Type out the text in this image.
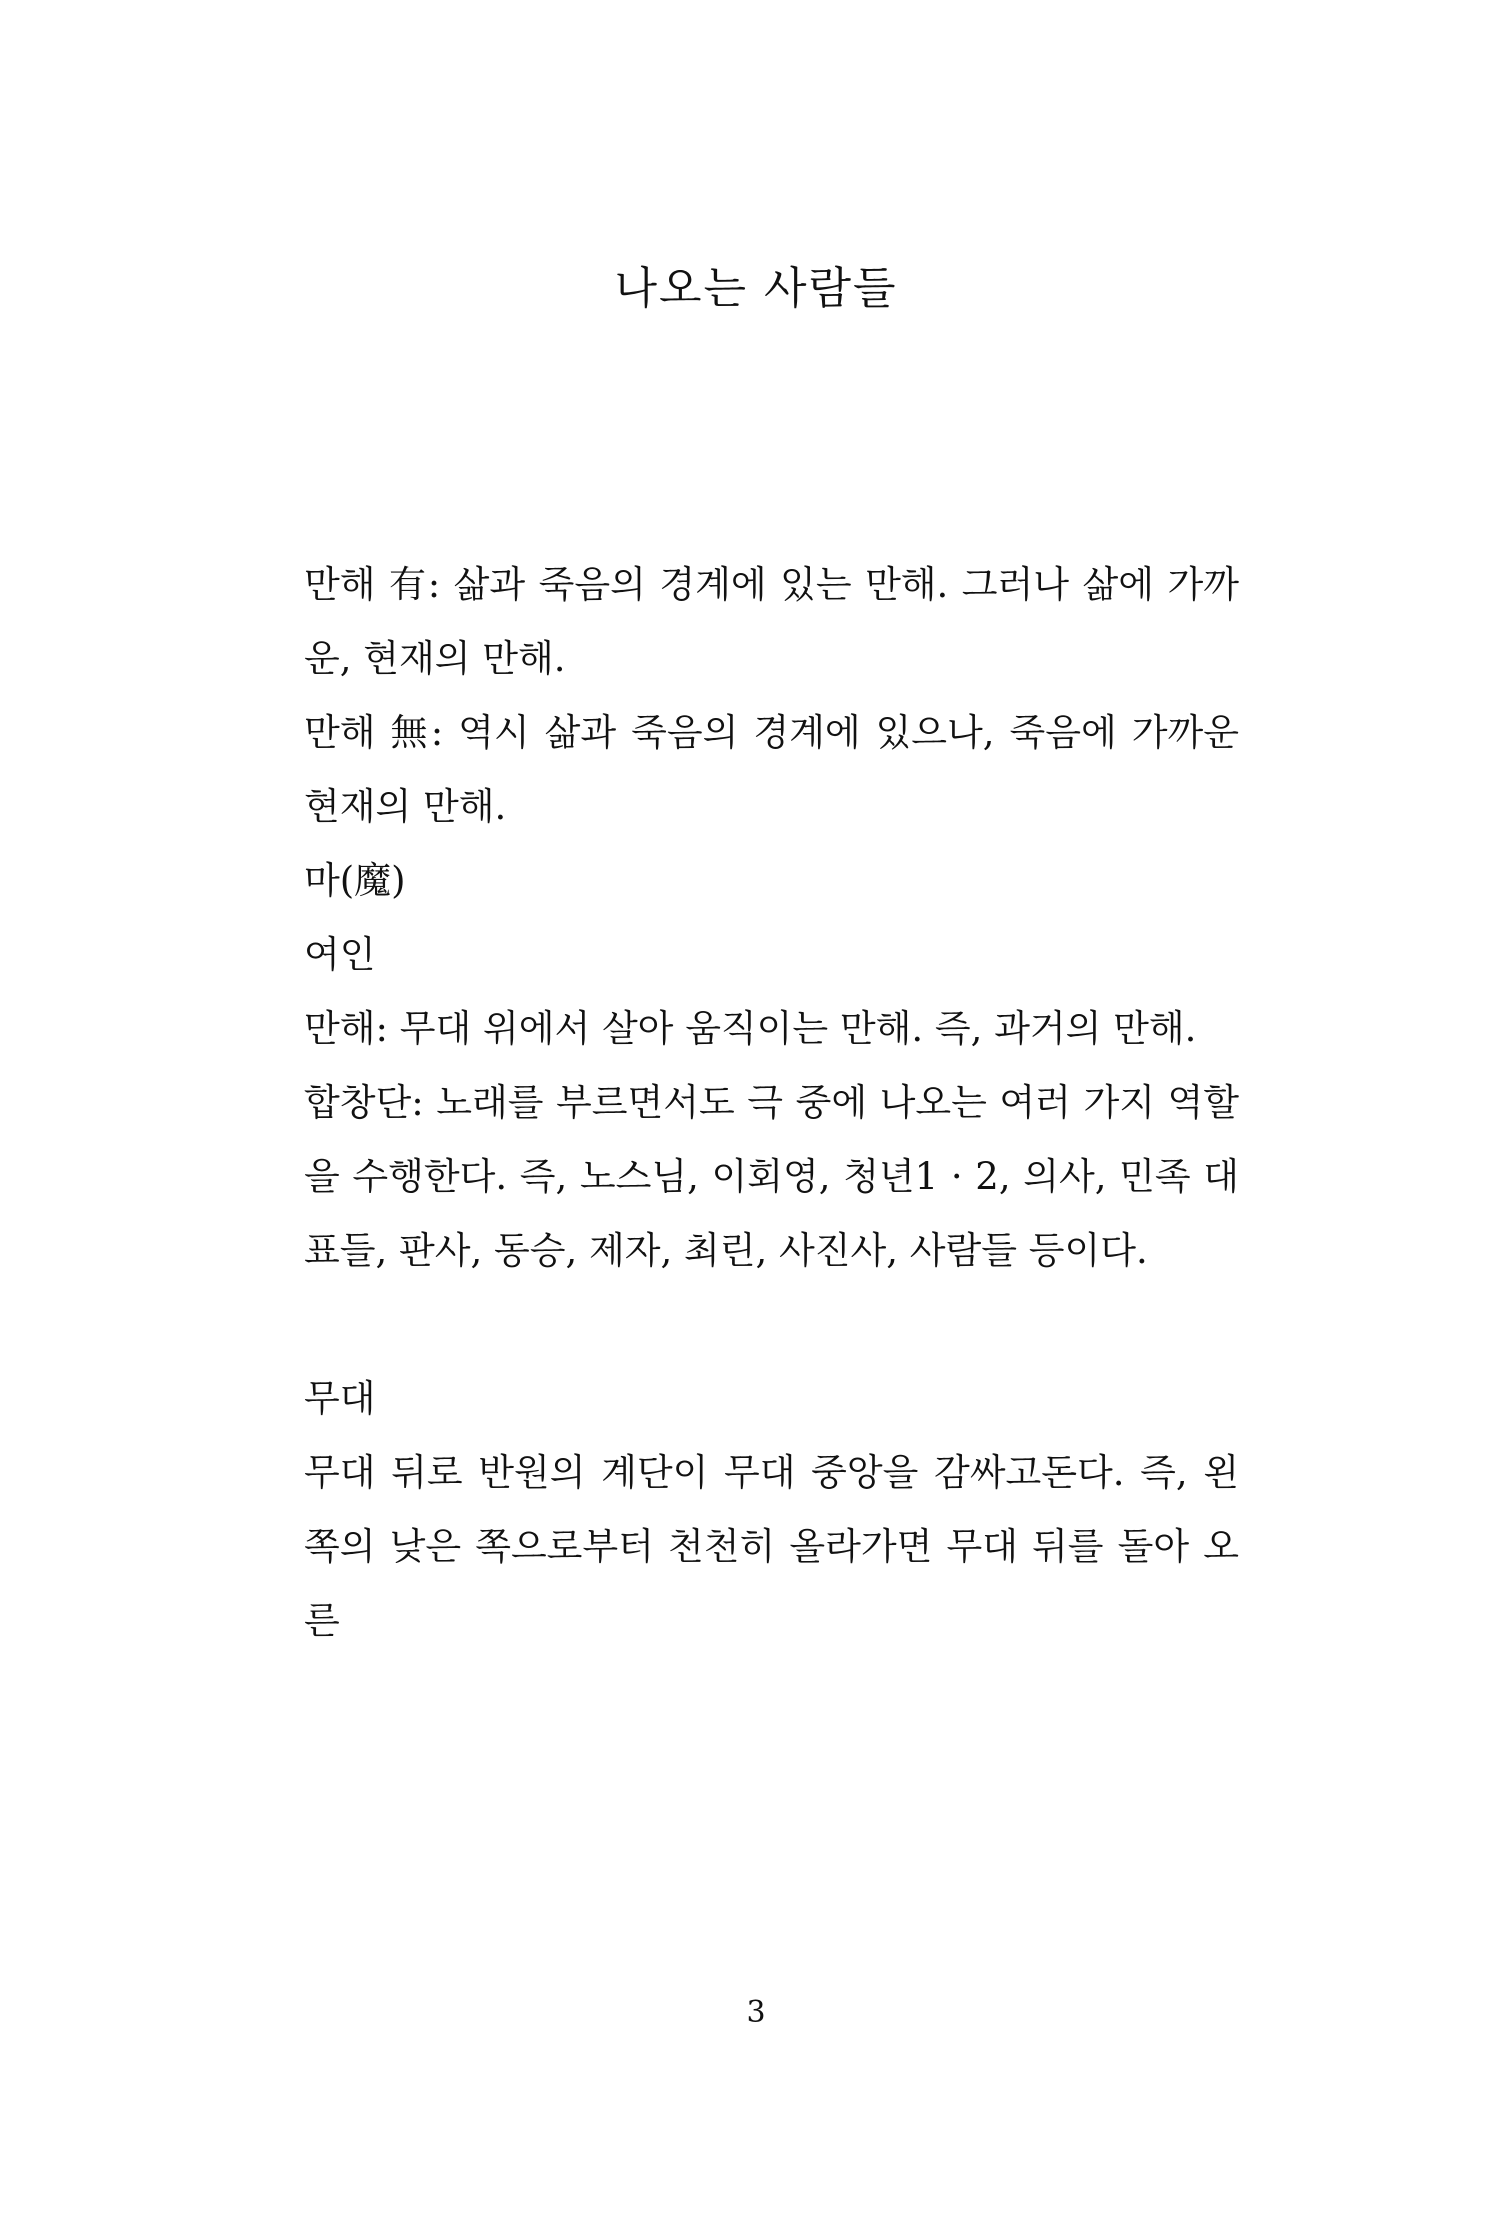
나오는 사람들

만해 有: 삶과 죽음의 경계에 있는 만해. 그러나 삶에 가까운, 현재의 만해.

만해 無: 역시 삶과 죽음의 경계에 있으나, 죽음에 가까운 현재의 만해.

마(魔)

여인

만해: 무대 위에서 살아 움직이는 만해. 즉, 과거의 만해.

합창단: 노래를 부르면서도 극 중에 나오는 여러 가지 역할을 수행한다. 즉, 노스님, 이회영, 청년1 · 2, 의사, 민족 대표들, 판사, 동승, 제자, 최린, 사진사, 사람들 등이다.

무대

무대 뒤로 반원의 계단이 무대 중앙을 감싸고돈다. 즉, 왼쪽의 낮은 쪽으로부터 천천히 올라가면 무대 뒤를 돌아 오른

3
